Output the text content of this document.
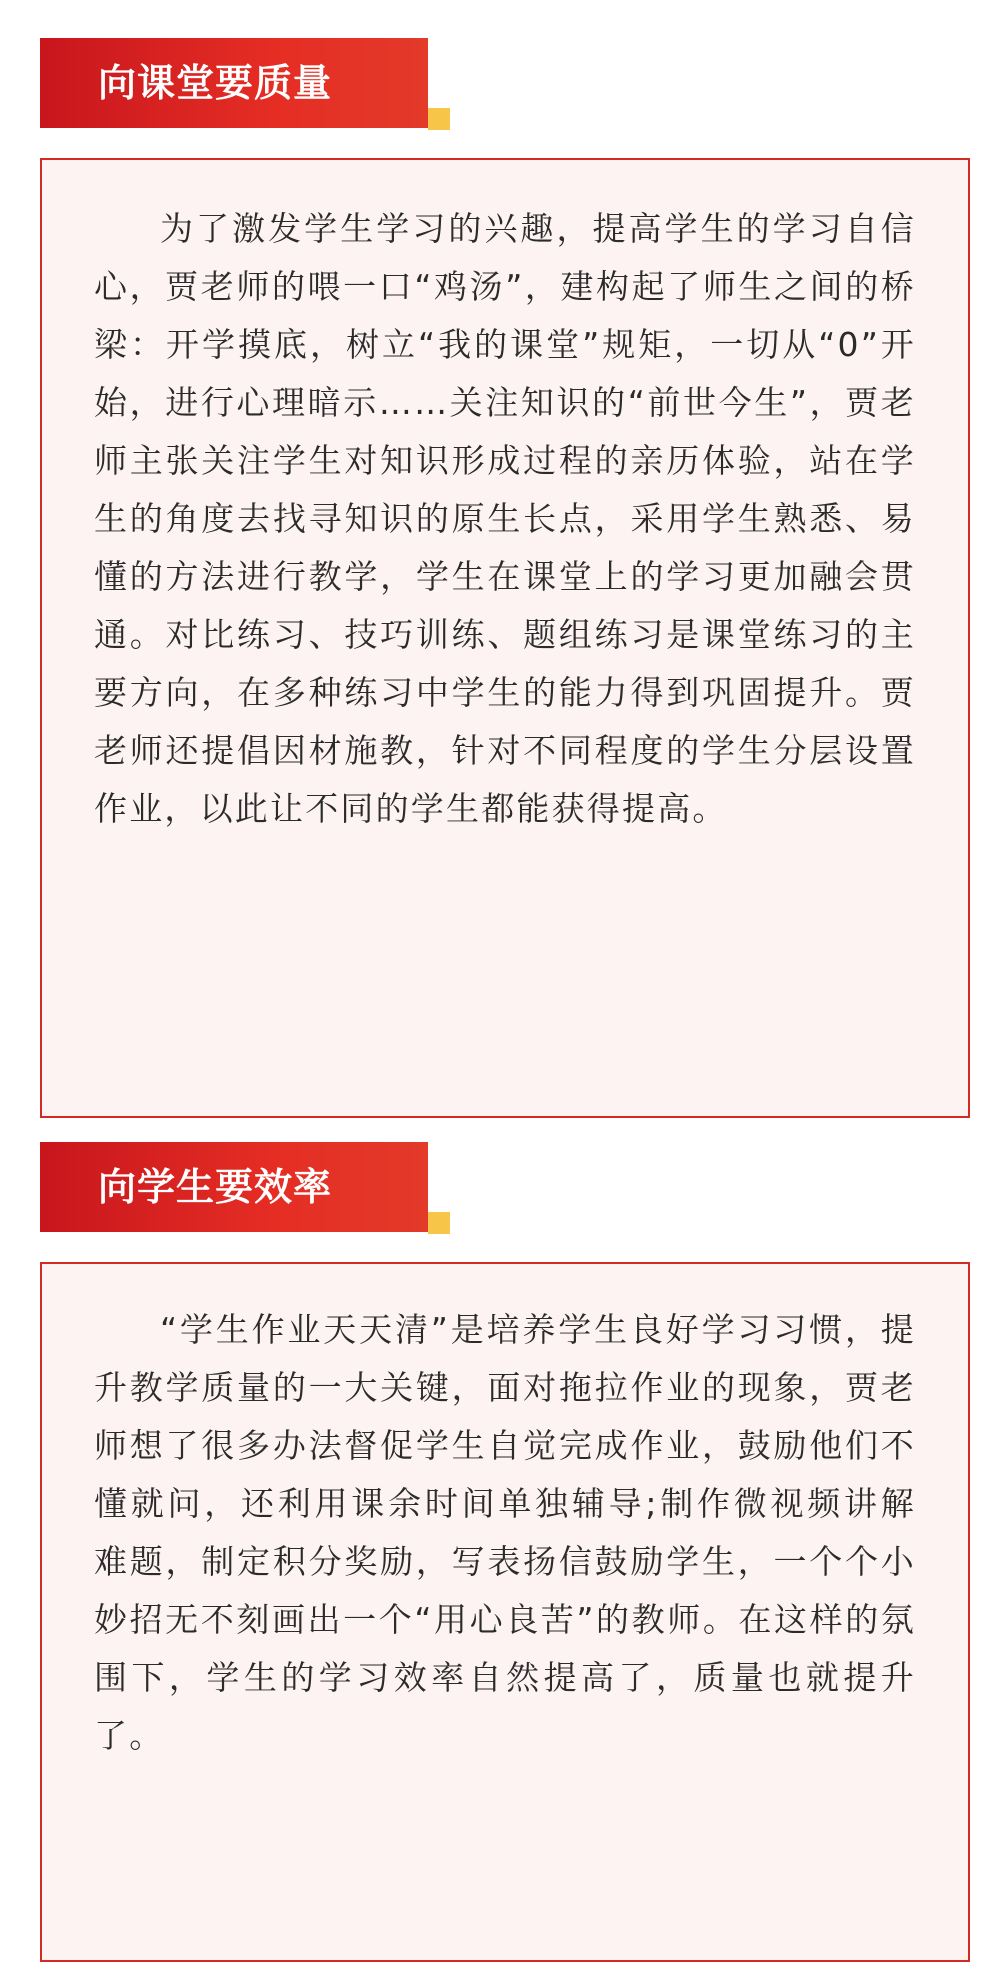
向课堂要质量

为了激发学生学习的兴趣，提高学生的学习自信心，贾老师的喂一口“鸡汤”，建构起了师生之间的桥梁：开学摸底，树立“我的课堂”规矩，一切从“0”开始，进行心理暗示……关注知识的“前世今生”，贾老师主张关注学生对知识形成过程的亲历体验，站在学生的角度去找寻知识的原生长点，采用学生熟悉、易懂的方法进行教学，学生在课堂上的学习更加融会贯通。对比练习、技巧训练、题组练习是课堂练习的主要方向，在多种练习中学生的能力得到巩固提升。贾老师还提倡因材施教，针对不同程度的学生分层设置作业，以此让不同的学生都能获得提高。

向学生要效率

“学生作业天天清”是培养学生良好学习习惯，提升教学质量的一大关键，面对拖拉作业的现象，贾老师想了很多办法督促学生自觉完成作业，鼓励他们不懂就问，还利用课余时间单独辅导;制作微视频讲解难题，制定积分奖励，写表扬信鼓励学生，一个个小妙招无不刻画出一个“用心良苦”的教师。在这样的氛围下，学生的学习效率自然提高了，质量也就提升了。
